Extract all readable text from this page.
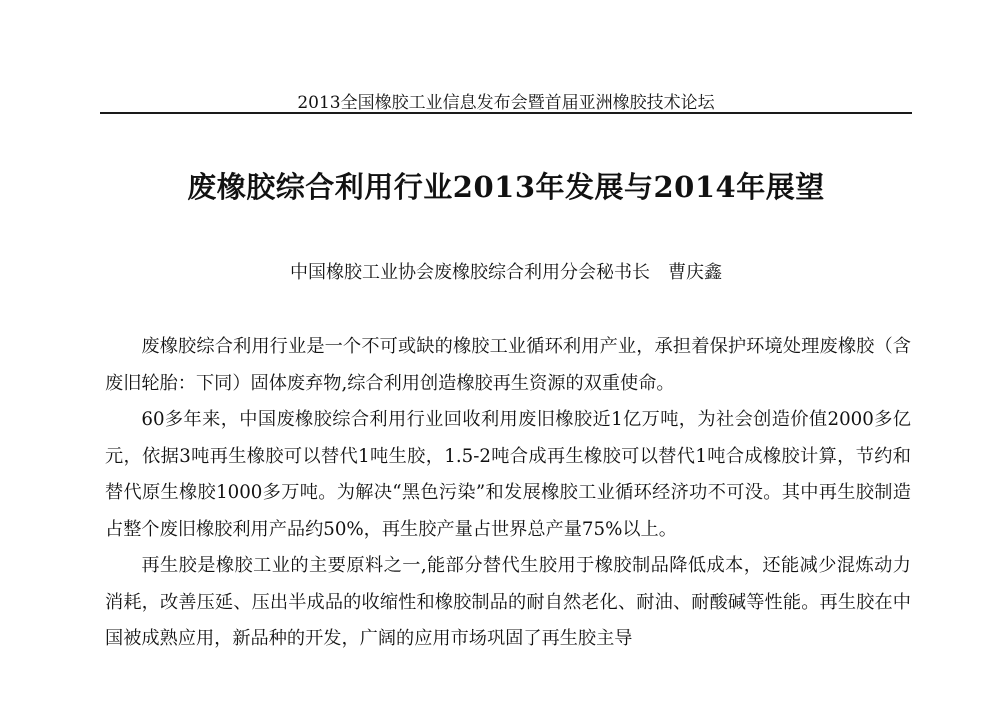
2013全国橡胶工业信息发布会暨首届亚洲橡胶技术论坛
废橡胶综合利用行业2013年发展与2014年展望
中国橡胶工业协会废橡胶综合利用分会秘书长 曹庆鑫

废橡胶综合利用行业是一个不可或缺的橡胶工业循环利用产业，承担着保护环境处理废橡胶（含废旧轮胎：下同）固体废弃物,综合利用创造橡胶再生资源的双重使命。

60多年来，中国废橡胶综合利用行业回收利用废旧橡胶近1亿万吨，为社会创造价值2000多亿元，依据3吨再生橡胶可以替代1吨生胶，1.5-2吨合成再生橡胶可以替代1吨合成橡胶计算，节约和替代原生橡胶1000多万吨。为解决“黑色污染”和发展橡胶工业循环经济功不可没。其中再生胶制造占整个废旧橡胶利用产品约50%，再生胶产量占世界总产量75%以上。

再生胶是橡胶工业的主要原料之一,能部分替代生胶用于橡胶制品降低成本，还能减少混炼动力消耗，改善压延、压出半成品的收缩性和橡胶制品的耐自然老化、耐油、耐酸碱等性能。再生胶在中国被成熟应用，新品种的开发，广阔的应用市场巩固了再生胶主导
